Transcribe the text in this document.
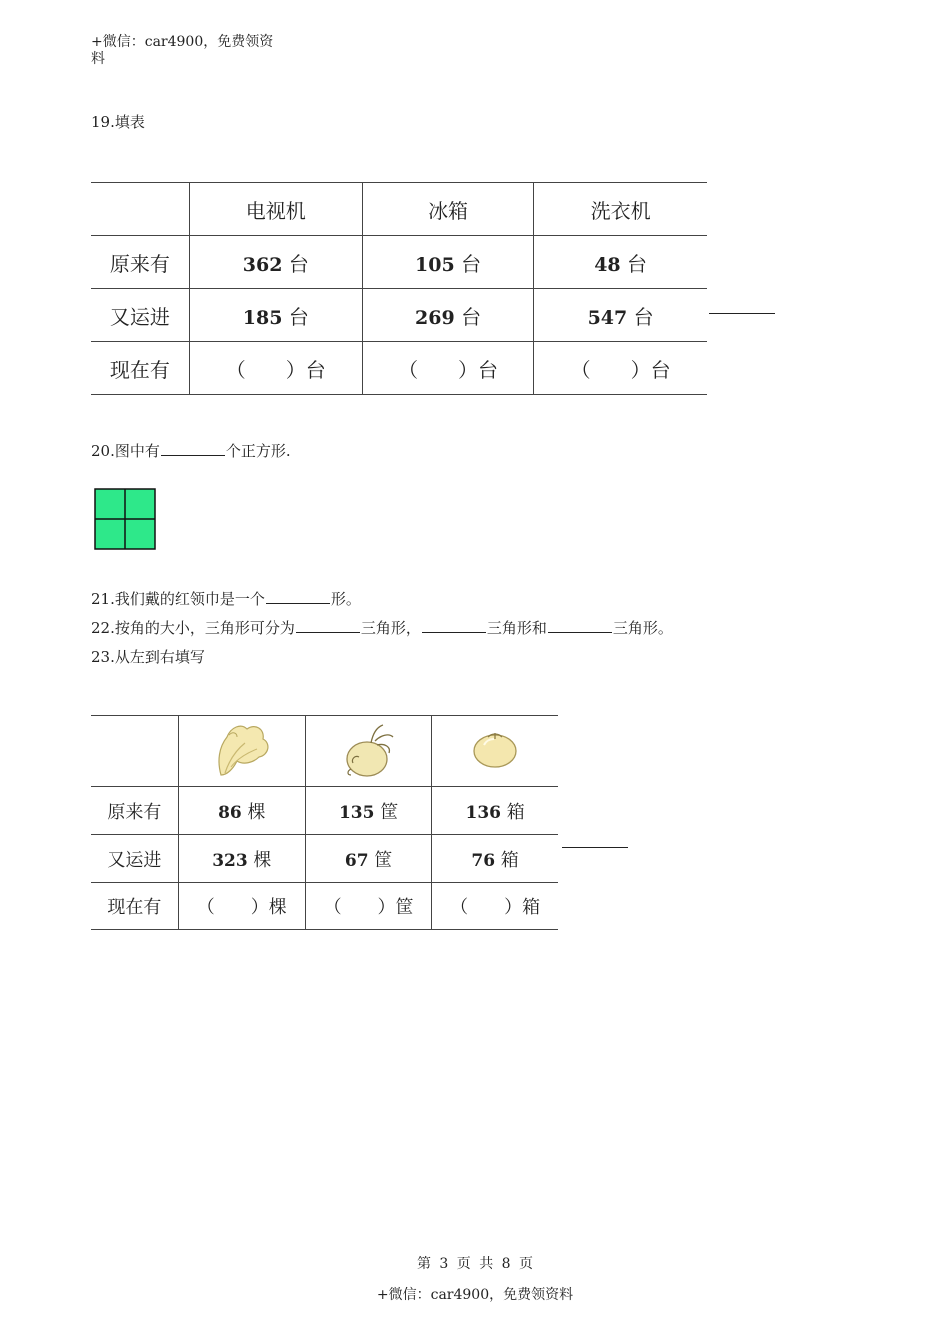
+微信：car4900，免费领资
料
19.填表
	电视机	冰箱	洗衣机
原来有	362 台	105 台	48 台
又运进	185 台	269 台	547 台
现在有	（　　）台	（　　）台	（　　）台
20.图中有	个正方形.
21.我们戴的红领巾是一个	形。
22.按角的大小，三角形可分为	三角形，	三角形和	三角形。
23.从左到右填写

原来有	86 棵	135 筐	136 箱
又运进	323 棵	67 筐	76 箱
现在有	（　　）棵	（　　）筐	（　　）箱
第 3 页 共 8 页
+微信：car4900，免费领资料
